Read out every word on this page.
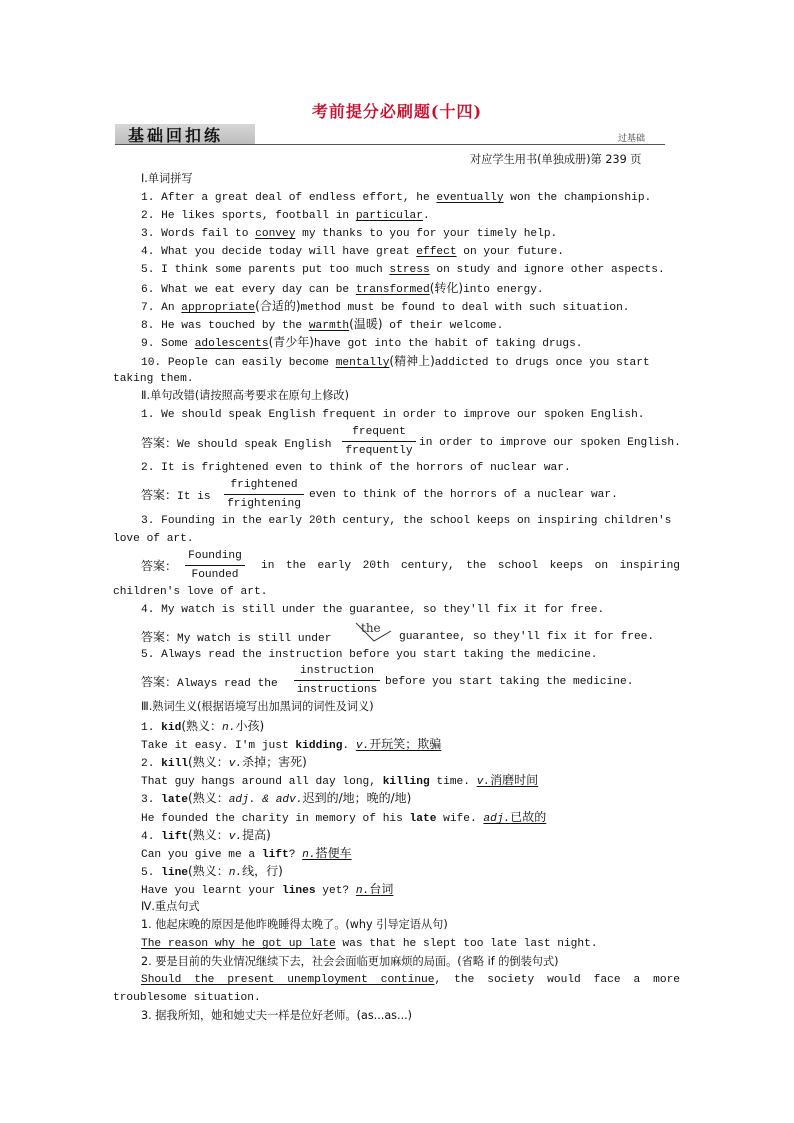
考前提分必刷题(十四)
基础回扣练	过基础
对应学生用书(单独成册)第 239 页
Ⅰ.单词拼写
1. After a great deal of endless effort, he eventually won the championship.
2. He likes sports, football in particular.
3. Words fail to convey my thanks to you for your timely help.
4. What you decide today will have great effect on your future.
5. I think some parents put too much stress on study and ignore other aspects.
6. What we eat every day can be transformed(转化)into energy.
7. An appropriate(合适的)method must be found to deal with such situation.
8. He was touched by the warmth(温暖) of their welcome.
9. Some adolescents(青少年)have got into the habit of taking drugs.
10. People can easily become mentally(精神上)addicted to drugs once you start
taking them.
Ⅱ.单句改错(请按照高考要求在原句上修改)
1. We should speak English frequent in order to improve our spoken English.
答案：We should speak English
frequent
frequently
in order to improve our spoken English.
2. It is frightened even to think of the horrors of nuclear war.
答案：It is
frightened
frightening
even to think of the horrors of a nuclear war.
3. Founding in the early 20th century, the school keeps on inspiring children's
love of art.
答案：
Founding
Founded
in the early 20th century, the school keeps on inspiring
children's love of art.
4. My watch is still under the guarantee, so they'll fix it for free.
答案：My watch is still under
the
guarantee, so they'll fix it for free.
5. Always read the instruction before you start taking the medicine.
答案：Always read the
instruction
instructions
before you start taking the medicine.
Ⅲ.熟词生义(根据语境写出加黑词的词性及词义)
1. kid(熟义：n.小孩)
Take it easy. I'm just kidding. v.开玩笑；欺骗
2. kill(熟义：v.杀掉；害死)
That guy hangs around all day long, killing time. v.消磨时间
3. late(熟义：adj. & adv.迟到的/地；晚的/地)
He founded the charity in memory of his late wife. adj.已故的
4. lift(熟义：v.提高)
Can you give me a lift? n.搭便车
5. line(熟义：n.线，行)
Have you learnt your lines yet? n.台词
Ⅳ.重点句式
1. 他起床晚的原因是他昨晚睡得太晚了。(why 引导定语从句)
The reason why he got up late was that he slept too late last night.
2. 要是目前的失业情况继续下去，社会会面临更加麻烦的局面。(省略 if 的倒装句式)
Should the present unemployment continue, the society would face a more
troublesome situation.
3. 据我所知，她和她丈夫一样是位好老师。(as...as...)
